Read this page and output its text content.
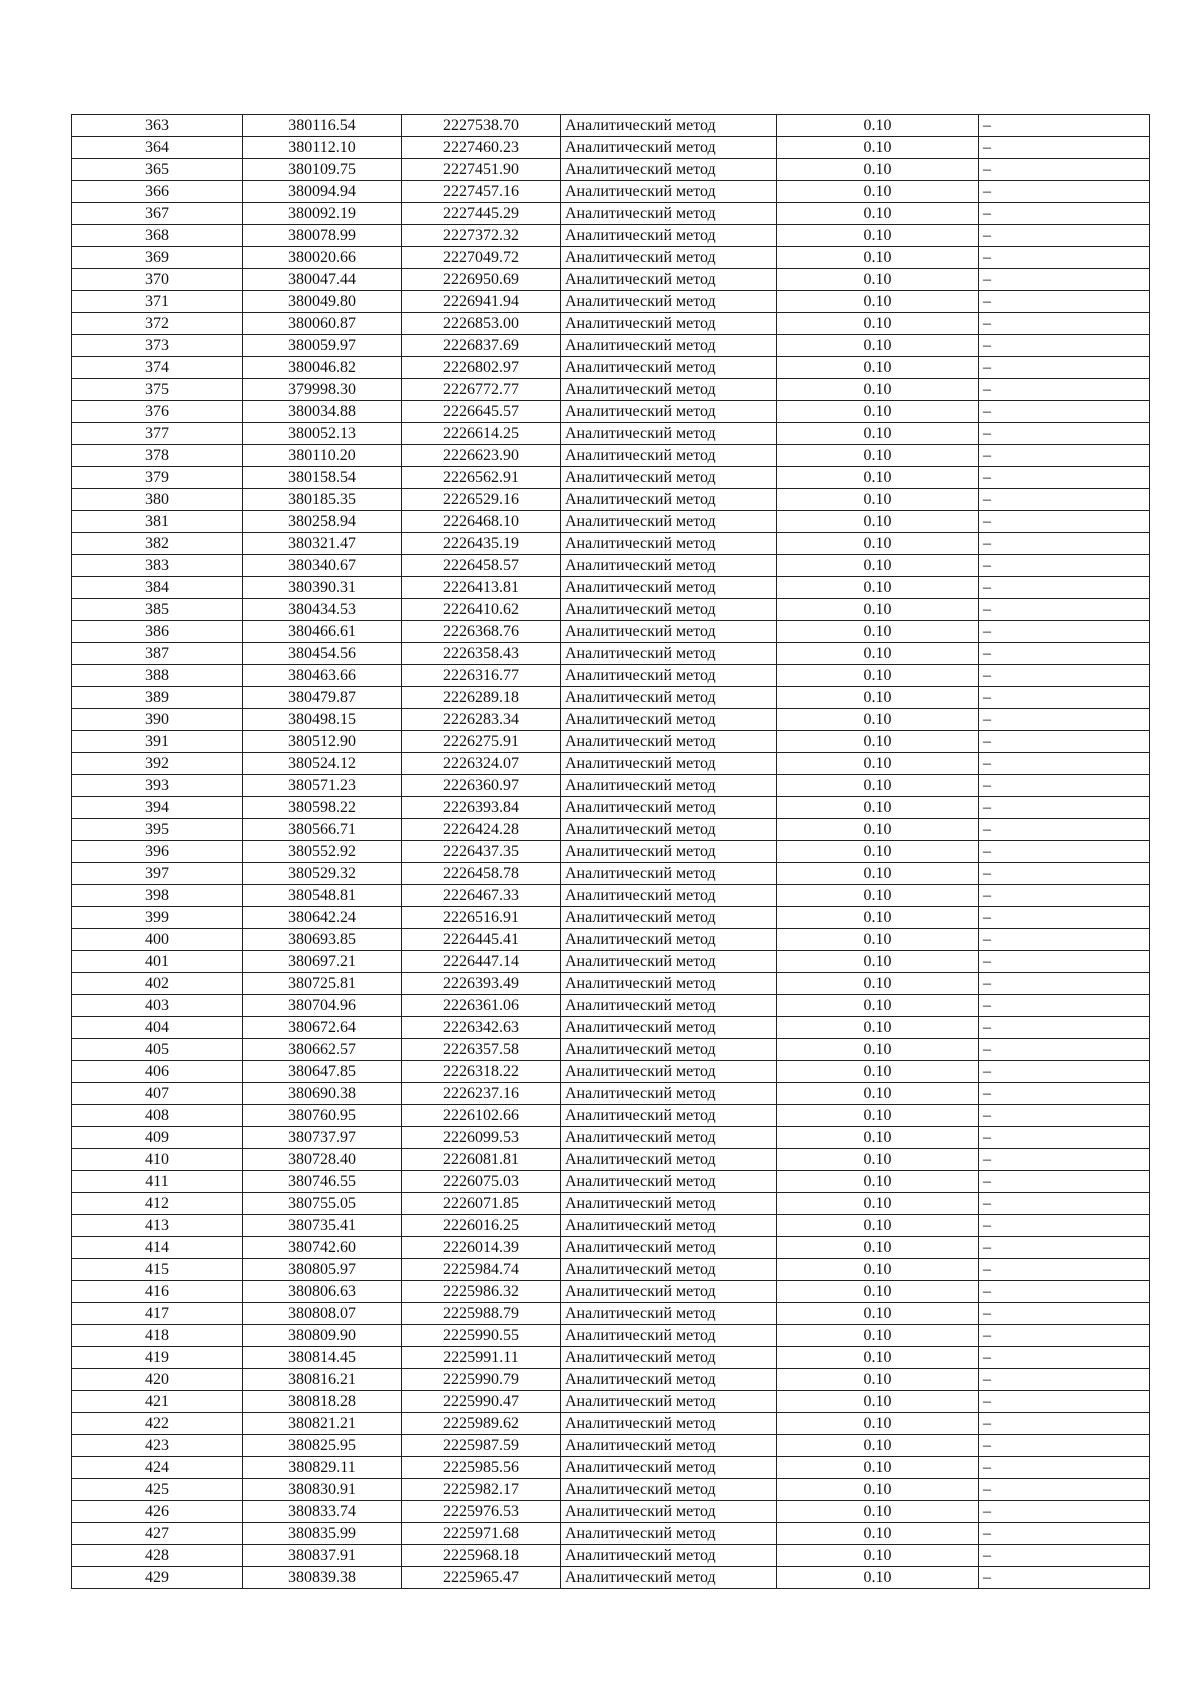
363	380116.54	2227538.70	Аналитический метод	0.10	–
364	380112.10	2227460.23	Аналитический метод	0.10	–
365	380109.75	2227451.90	Аналитический метод	0.10	–
366	380094.94	2227457.16	Аналитический метод	0.10	–
367	380092.19	2227445.29	Аналитический метод	0.10	–
368	380078.99	2227372.32	Аналитический метод	0.10	–
369	380020.66	2227049.72	Аналитический метод	0.10	–
370	380047.44	2226950.69	Аналитический метод	0.10	–
371	380049.80	2226941.94	Аналитический метод	0.10	–
372	380060.87	2226853.00	Аналитический метод	0.10	–
373	380059.97	2226837.69	Аналитический метод	0.10	–
374	380046.82	2226802.97	Аналитический метод	0.10	–
375	379998.30	2226772.77	Аналитический метод	0.10	–
376	380034.88	2226645.57	Аналитический метод	0.10	–
377	380052.13	2226614.25	Аналитический метод	0.10	–
378	380110.20	2226623.90	Аналитический метод	0.10	–
379	380158.54	2226562.91	Аналитический метод	0.10	–
380	380185.35	2226529.16	Аналитический метод	0.10	–
381	380258.94	2226468.10	Аналитический метод	0.10	–
382	380321.47	2226435.19	Аналитический метод	0.10	–
383	380340.67	2226458.57	Аналитический метод	0.10	–
384	380390.31	2226413.81	Аналитический метод	0.10	–
385	380434.53	2226410.62	Аналитический метод	0.10	–
386	380466.61	2226368.76	Аналитический метод	0.10	–
387	380454.56	2226358.43	Аналитический метод	0.10	–
388	380463.66	2226316.77	Аналитический метод	0.10	–
389	380479.87	2226289.18	Аналитический метод	0.10	–
390	380498.15	2226283.34	Аналитический метод	0.10	–
391	380512.90	2226275.91	Аналитический метод	0.10	–
392	380524.12	2226324.07	Аналитический метод	0.10	–
393	380571.23	2226360.97	Аналитический метод	0.10	–
394	380598.22	2226393.84	Аналитический метод	0.10	–
395	380566.71	2226424.28	Аналитический метод	0.10	–
396	380552.92	2226437.35	Аналитический метод	0.10	–
397	380529.32	2226458.78	Аналитический метод	0.10	–
398	380548.81	2226467.33	Аналитический метод	0.10	–
399	380642.24	2226516.91	Аналитический метод	0.10	–
400	380693.85	2226445.41	Аналитический метод	0.10	–
401	380697.21	2226447.14	Аналитический метод	0.10	–
402	380725.81	2226393.49	Аналитический метод	0.10	–
403	380704.96	2226361.06	Аналитический метод	0.10	–
404	380672.64	2226342.63	Аналитический метод	0.10	–
405	380662.57	2226357.58	Аналитический метод	0.10	–
406	380647.85	2226318.22	Аналитический метод	0.10	–
407	380690.38	2226237.16	Аналитический метод	0.10	–
408	380760.95	2226102.66	Аналитический метод	0.10	–
409	380737.97	2226099.53	Аналитический метод	0.10	–
410	380728.40	2226081.81	Аналитический метод	0.10	–
411	380746.55	2226075.03	Аналитический метод	0.10	–
412	380755.05	2226071.85	Аналитический метод	0.10	–
413	380735.41	2226016.25	Аналитический метод	0.10	–
414	380742.60	2226014.39	Аналитический метод	0.10	–
415	380805.97	2225984.74	Аналитический метод	0.10	–
416	380806.63	2225986.32	Аналитический метод	0.10	–
417	380808.07	2225988.79	Аналитический метод	0.10	–
418	380809.90	2225990.55	Аналитический метод	0.10	–
419	380814.45	2225991.11	Аналитический метод	0.10	–
420	380816.21	2225990.79	Аналитический метод	0.10	–
421	380818.28	2225990.47	Аналитический метод	0.10	–
422	380821.21	2225989.62	Аналитический метод	0.10	–
423	380825.95	2225987.59	Аналитический метод	0.10	–
424	380829.11	2225985.56	Аналитический метод	0.10	–
425	380830.91	2225982.17	Аналитический метод	0.10	–
426	380833.74	2225976.53	Аналитический метод	0.10	–
427	380835.99	2225971.68	Аналитический метод	0.10	–
428	380837.91	2225968.18	Аналитический метод	0.10	–
429	380839.38	2225965.47	Аналитический метод	0.10	–
